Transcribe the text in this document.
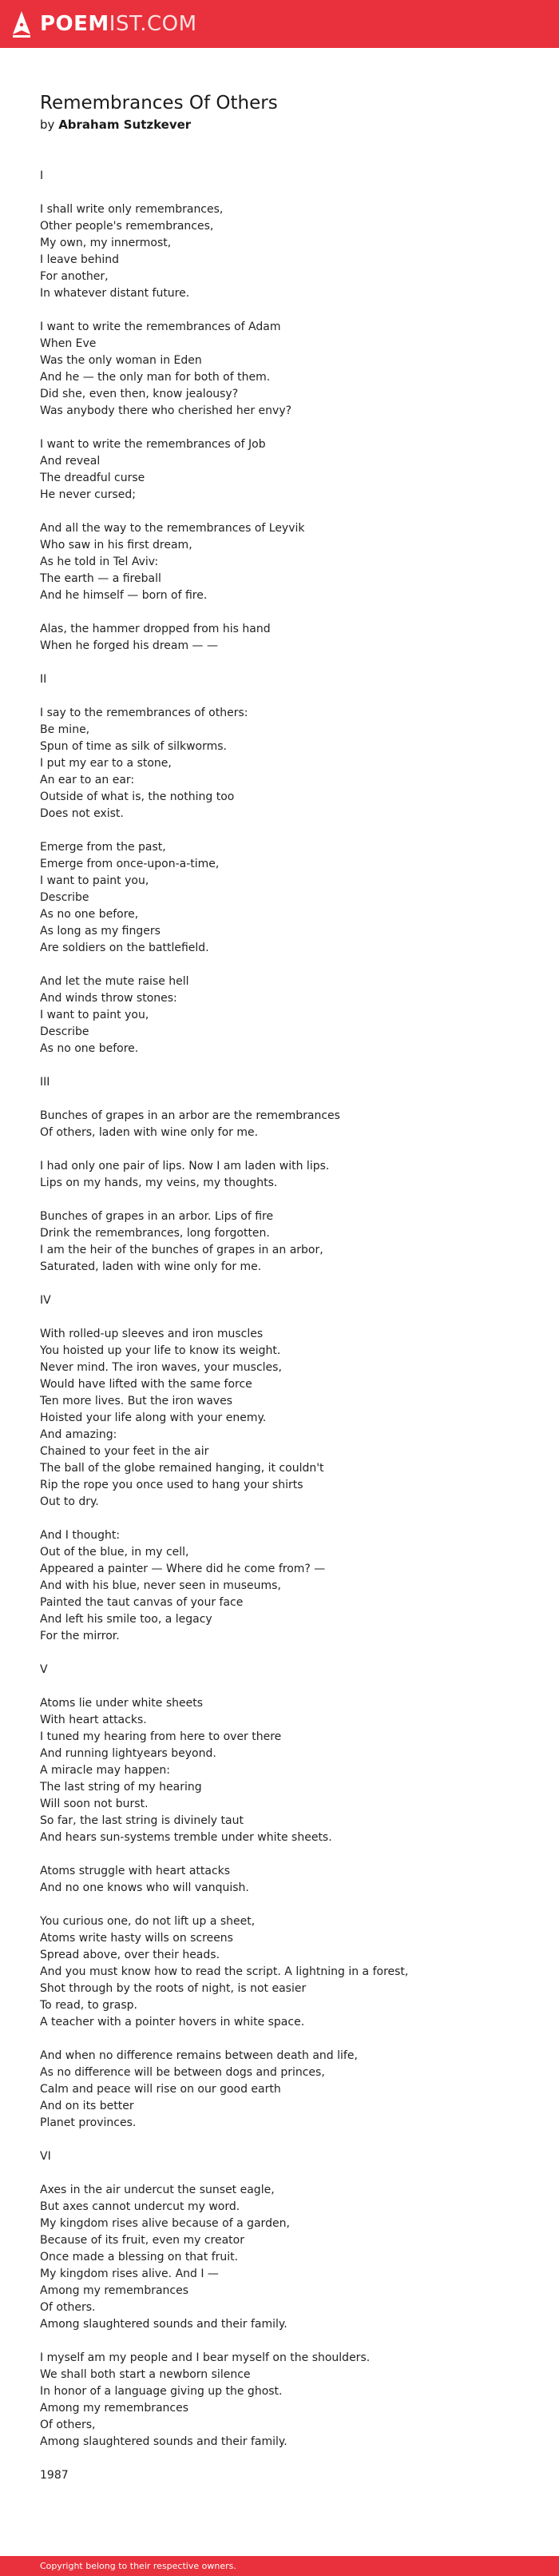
POEMIST.COM
Remembrances Of Others
by Abraham Sutzkever
I
I shall write only remembrances,
Other people's remembrances,
My own, my innermost,
I leave behind
For another,
In whatever distant future.
I want to write the remembrances of Adam
When Eve
Was the only woman in Eden
And he — the only man for both of them.
Did she, even then, know jealousy?
Was anybody there who cherished her envy?
I want to write the remembrances of Job
And reveal
The dreadful curse
He never cursed;
And all the way to the remembrances of Leyvik
Who saw in his first dream,
As he told in Tel Aviv:
The earth — a fireball
And he himself — born of fire.
Alas, the hammer dropped from his hand
When he forged his dream — —
II
I say to the remembrances of others:
Be mine,
Spun of time as silk of silkworms.
I put my ear to a stone,
An ear to an ear:
Outside of what is, the nothing too
Does not exist.
Emerge from the past,
Emerge from once-upon-a-time,
I want to paint you,
Describe
As no one before,
As long as my fingers
Are soldiers on the battlefield.
And let the mute raise hell
And winds throw stones:
I want to paint you,
Describe
As no one before.
III
Bunches of grapes in an arbor are the remembrances
Of others, laden with wine only for me.
I had only one pair of lips. Now I am laden with lips.
Lips on my hands, my veins, my thoughts.
Bunches of grapes in an arbor. Lips of fire
Drink the remembrances, long forgotten.
I am the heir of the bunches of grapes in an arbor,
Saturated, laden with wine only for me.
IV
With rolled-up sleeves and iron muscles
You hoisted up your life to know its weight.
Never mind. The iron waves, your muscles,
Would have lifted with the same force
Ten more lives. But the iron waves
Hoisted your life along with your enemy.
And amazing:
Chained to your feet in the air
The ball of the globe remained hanging, it couldn't
Rip the rope you once used to hang your shirts
Out to dry.
And I thought:
Out of the blue, in my cell,
Appeared a painter — Where did he come from? —
And with his blue, never seen in museums,
Painted the taut canvas of your face
And left his smile too, a legacy
For the mirror.
V
Atoms lie under white sheets
With heart attacks.
I tuned my hearing from here to over there
And running lightyears beyond.
A miracle may happen:
The last string of my hearing
Will soon not burst.
So far, the last string is divinely taut
And hears sun-systems tremble under white sheets.
Atoms struggle with heart attacks
And no one knows who will vanquish.
You curious one, do not lift up a sheet,
Atoms write hasty wills on screens
Spread above, over their heads.
And you must know how to read the script. A lightning in a forest,
Shot through by the roots of night, is not easier
To read, to grasp.
A teacher with a pointer hovers in white space.
And when no difference remains between death and life,
As no difference will be between dogs and princes,
Calm and peace will rise on our good earth
And on its better
Planet provinces.
VI
Axes in the air undercut the sunset eagle,
But axes cannot undercut my word.
My kingdom rises alive because of a garden,
Because of its fruit, even my creator
Once made a blessing on that fruit.
My kingdom rises alive. And I —
Among my remembrances
Of others.
Among slaughtered sounds and their family.
I myself am my people and I bear myself on the shoulders.
We shall both start a newborn silence
In honor of a language giving up the ghost.
Among my remembrances
Of others,
Among slaughtered sounds and their family.
1987
Copyright belong to their respective owners.
